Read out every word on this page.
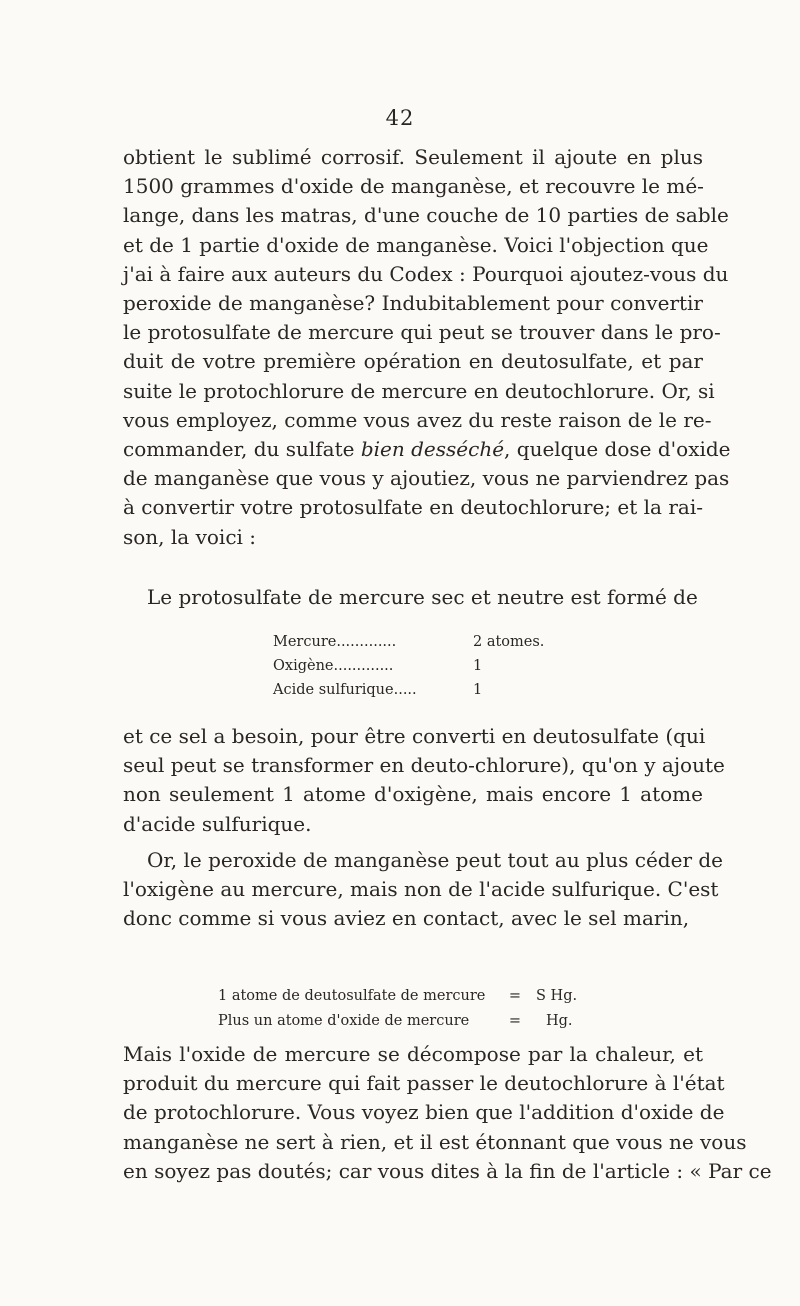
42
obtient le sublimé corrosif. Seulement il ajoute en plus
1500 grammes d'oxide de manganèse, et recouvre le mé-
lange, dans les matras, d'une couche de 10 parties de sable
et de 1 partie d'oxide de manganèse. Voici l'objection que
j'ai à faire aux auteurs du Codex : Pourquoi ajoutez-vous du
peroxide de manganèse? Indubitablement pour convertir
le protosulfate de mercure qui peut se trouver dans le pro-
duit de votre première opération en deutosulfate, et par
suite le protochlorure de mercure en deutochlorure. Or, si
vous employez, comme vous avez du reste raison de le re-
commander, du sulfate bien desséché, quelque dose d'oxide
de manganèse que vous y ajoutiez, vous ne parviendrez pas
à convertir votre protosulfate en deutochlorure; et la rai-
son, la voici :
Le protosulfate de mercure sec et neutre est formé de
Mercure.............	2 atomes.
Oxigène.............	1
Acide sulfurique.....	1
et ce sel a besoin, pour être converti en deutosulfate (qui
seul peut se transformer en deuto-chlorure), qu'on y ajoute
non seulement 1 atome d'oxigène, mais encore 1 atome
d'acide sulfurique.
Or, le peroxide de manganèse peut tout au plus céder de
l'oxigène au mercure, mais non de l'acide sulfurique. C'est
donc comme si vous aviez en contact, avec le sel marin,
1 atome de deutosulfate de mercure	=	S Hg.
Plus un atome d'oxide de mercure	=	Hg.
Mais l'oxide de mercure se décompose par la chaleur, et
produit du mercure qui fait passer le deutochlorure à l'état
de protochlorure. Vous voyez bien que l'addition d'oxide de
manganèse ne sert à rien, et il est étonnant que vous ne vous
en soyez pas doutés; car vous dites à la fin de l'article : « Par ce
